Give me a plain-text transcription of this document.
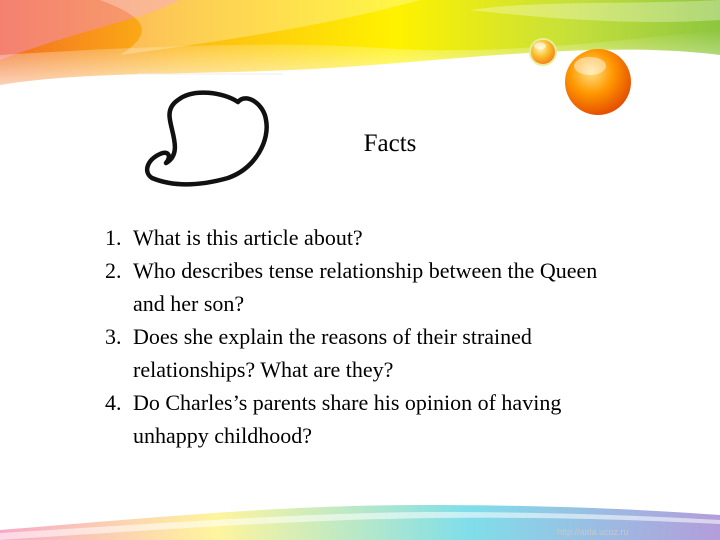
Facts
1. What is this article about?
2. Who describes tense relationship between the Queen and her son?
3. Does she explain the reasons of their strained relationships? What are they?
4. Do Charles’s parents share his opinion of having unhappy childhood?
http://aida.ucoz.ru
